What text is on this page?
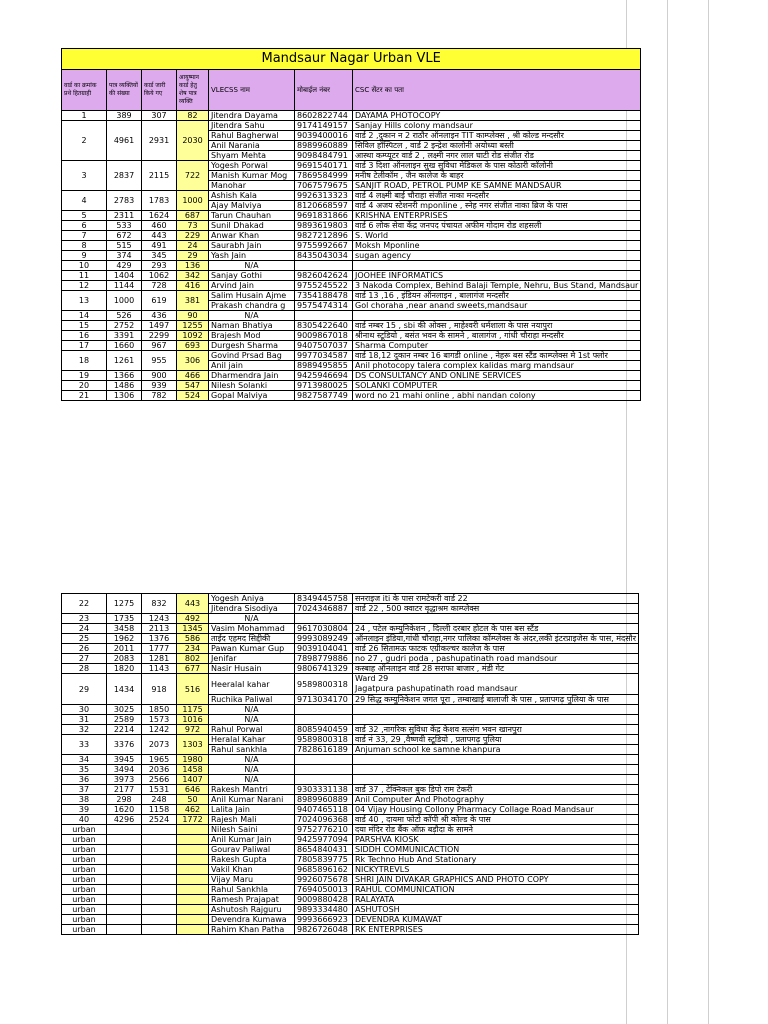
Mandsaur Nagar Urban VLE						
वार्ड का क्रमांक प्रथे हितग्राही	पात्र व्यक्तियों की संख्या	कार्ड जारी किये गए	आयुष्मान कार्ड हेतु शेष पात्र व्यक्ति	VLECSS नाम	मोबाईल नंबर	CSC सेंटर का पता
1	389	307	82	Jitendra Dayama	8602822744	DAYAMA PHOTOCOPY
2	4961	2931	2030	Jitendra Sahu	9174149157	Sanjay Hills colony mandsaur
				Rahul Bagherwal	9039400016	वार्ड 2 ,दुकान न 2 राठौर ऑनलाइन TIT काम्प्लेक्स , श्री कोल्ड मन्दसौर
				Anil Narania	8989960889	सिविल हॉस्पिटल , वार्ड 2 इन्द्रेश कालोनी अयोध्या बस्ती
				Shyam Mehta	9098484791	आस्था कम्प्यूटर वार्ड 2 , लक्ष्मी नगर लाल घाटी रोड संजीत रोड
3	2837	2115	722	Yogesh Porwal	9691540171	वार्ड 3 दिशा ऑनलाइन सुख सुविधा मेडिकल के पास कोठारी कॉलोनी
				Manish Kumar Mog	7869584999	मनीष टेलीकॉम , जैन कालेज के बाहर
				Manohar	7067579675	SANJIT ROAD, PETROL PUMP KE SAMNE MANDSAUR
4	2783	1783	1000	Ashish Kala	9926313323	वार्ड 4 लक्ष्मी बाई चौराहा संजीत नाका मन्दसौर
				Ajay Malviya	8120668597	वार्ड 4 अजय स्टेशनरी mponline , स्नेह नगर संजीत नाका ब्रिज के पास
5	2311	1624	687	Tarun Chauhan	9691831866	KRISHNA ENTERPRISES
6	533	460	73	Sunil Dhakad	9893619803	वार्ड 6 लोक सेवा केंद्र जनपद पंचायत अफीम गोदाम रोड शहसली
7	672	443	229	Anwar Khan	9827212896	S. World
8	515	491	24	Saurabh Jain	9755992667	Moksh Mponline
9	374	345	29	Yash Jain	8435043034	sugan agency
10	429	293	136	N/A		
11	1404	1062	342	Sanjay Gothi	9826042624	JOOHEE INFORMATICS
12	1144	728	416	Arvind Jain	9755245522	3 Nakoda Complex, Behind Balaji Temple, Nehru, Bus Stand, Mandsaur
13	1000	619	381	Salim Husain Ajme	7354188478	वार्ड 13 ,16 , इंडियन ऑनलाइन , बालागंज मन्दसौर
				Prakash chandra g	9575474314	Gol choraha ,near anand sweets,mandsaur
14	526	436	90	N/A		
15	2752	1497	1255	Naman Bhatiya	8305422640	वार्ड नम्बर 15 , sbi की ओक्स , माहेश्वरी धर्मशाला के पास नयापुरा
16	3391	2299	1092	Brajesh Mod	9009867018	श्रीनाथ स्टूडियो , बसंत भवन के सामने , बालागंज , गांधी चौराहा मन्दसौर
17	1660	967	693	Durgesh Sharma	9407507037	Sharma Computer
18	1261	955	306	Govind Prsad Bag	9977034587	वार्ड 18,12 दुकान नम्बर 16 बागडी online , नेहरू बस स्टैंड काम्प्लेक्स मे 1st फ्लोर
				Anil jain	8989495855	Anil photocopy talera complex kalidas marg mandsaur
19	1366	900	466	Dharmendra Jain	9425946694	DS CONSULTANCY AND ONLINE SERVICES
20	1486	939	547	Nilesh Solanki	9713980025	SOLANKI COMPUTER
21	1306	782	524	Gopal Malviya	9827587749	word no 21 mahi online , abhi nandan colony
22	1275	832	443	Yogesh Aniya	8349445758	सनराइज iti के पास रामटेकरी वार्ड 22
				Jitendra Sisodiya	7024346887	वार्ड 22 , 500 क्वाटर वृद्धाश्रम काम्प्लेक्स
23	1735	1243	492	N/A		
24	3458	2113	1345	Vasim Mohammad	9617030804	24 , पटेल कम्युनिकेशन , दिल्ली दरबार होटल के पास बस स्टैंड
25	1962	1376	586	ताईद एहमद सिद्दीकी	9993089249	ऑनलाइन इंडिया,गांधी चौराहा,नगर पालिका कॉम्प्लेक्स के अंदर,लकी इंटरप्राइजेस के पास, मंदसौर
26	2011	1777	234	Pawan Kumar Gup	9039104041	वार्ड 26 सितामऊ फाटक एग्रीकल्चर कालेज के पास
27	2083	1281	802	Jenifar	7898779886	no 27 , gudri poda , pashupatinath road mandsour
28	1820	1143	677	Nasir Husain	9806741329	कस्बाह ऑनलाइन वार्ड 28 सराफा बाजार , मंडी गेट
29	1434	918	516	Heeralal kahar	9589800318	Ward 29
Jagatpura pashupatinath road mandsaur
				Ruchika Paliwal	9713034170	29 सिद्ध कम्युनिकेशन जगत पूरा , तम्बाखाई बालाजी के पास , प्रतापगढ़ पुलिया के पास
30	3025	1850	1175	N/A		
31	2589	1573	1016	N/A		
32	2214	1242	972	Rahul Porwal	8085940459	वार्ड 32 ,नागरिक सुविधा केंद्र केशव सत्संग भवन खानपुरा
33	3376	2073	1303	Heralal Kahar	9589800318	वार्ड नं 33, 29 ,वैष्णवी स्टूडियो , प्रतापगढ़ पुलिया
				Rahul sankhla	7828616189	Anjuman school ke samne khanpura
34	3945	1965	1980	N/A		
35	3494	2036	1458	N/A		
36	3973	2566	1407	N/A		
37	2177	1531	646	Rakesh Mantri	9303331138	वार्ड 37 , टेक्निकल बुक डिपो राम टेकरी
38	298	248	50	Anil Kumar Narani	8989960889	Anil Computer And Photography
39	1620	1158	462	Lalita Jain	9407465118	04 Vijay Housing Collony Pharmacy Collage Road Mandsaur
40	4296	2524	1772	Rajesh Mali	7024096368	वार्ड 40 , दायमा फोटो कॉपी श्री कोल्ड के पास
urban				Nilesh Saini	9752776210	दया मंदिर रोड बैंक ऑफ़ बड़ौदा के सामने
urban				Anil Kumar Jain	9425977094	PARSHVA KIOSK
urban				Gourav Paliwal	8654840431	SIDDH COMMUNICACTION
urban				Rakesh Gupta	7805839775	Rk Techno Hub And Stationary
urban				Vakil Khan	9685896162	NICKYTREVLS
urban				Vijay Maru	9926075678	SHRI JAIN DIVAKAR GRAPHICS AND PHOTO COPY
urban				Rahul Sankhla	7694050013	RAHUL COMMUNICATION
urban				Ramesh Prajapat	9009880428	RALAYATA
urban				Ashutosh Rajguru	9893334480	ASHUTOSH
urban				Devendra Kumawa	9993666923	DEVENDRA KUMAWAT
urban				Rahim Khan Patha	9826726048	RK ENTERPRISES
